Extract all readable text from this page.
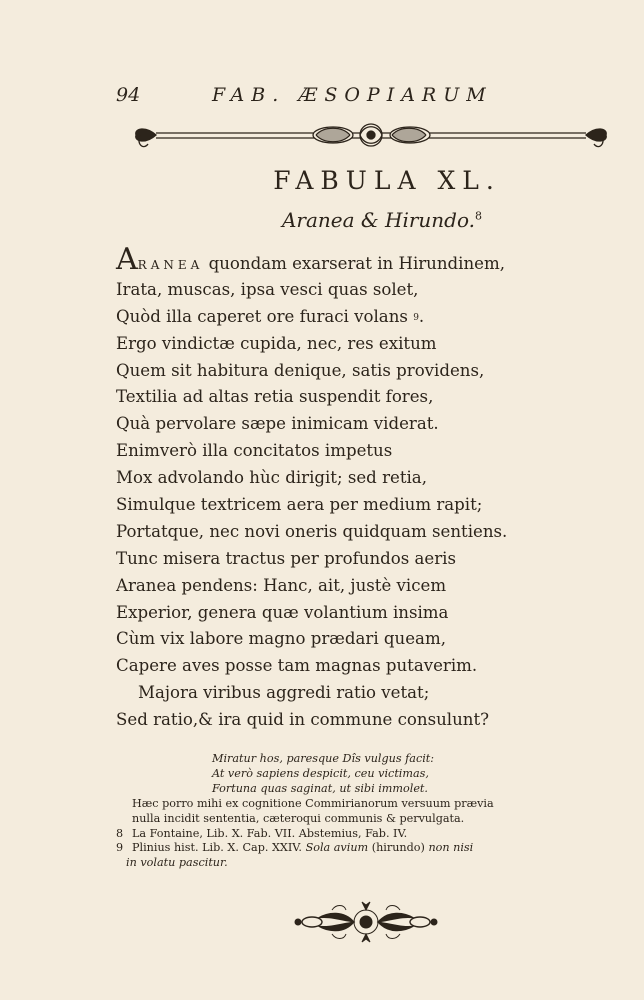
94	FAB. ÆSOPIARUM
FABULA XL.
Aranea & Hirundo.$^8$
ARANEA quondam exarserat in Hirundinem,
Irata, muscas, ipsa vesci quas solet,
Quòd illa caperet ore furaci volans 9.
Ergo vindictæ cupida, nec, res exitum
Quem sit habitura denique, satis providens,
Textilia ad altas retia suspendit fores,
Quà pervolare sæpe inimicam viderat.
Enimverò illa concitatos impetus
Mox advolando hùc dirigit; sed retia,
Simulque textricem aera per medium rapit;
Portatque, nec novi oneris quidquam sentiens.
Tunc misera tractus per profundos aeris
Aranea pendens: Hanc, ait, justè vicem
Experior, genera quæ volantium insima
Cùm vix labore magno prædari queam,
Capere aves posse tam magnas putaverim.
Majora viribus aggredi ratio vetat;
Sed ratio,& ira quid in commune consulunt?
Miratur hos, paresque Dîs vulgus facit:
At verò sapiens despicit, ceu victimas,
Fortuna quas saginat, ut sibi immolet.
Hæc porro mihi ex cognitione Commirianorum versuum prævia
nulla incidit sententia, cæteroqui communis & pervulgata.
8 La Fontaine, Lib. X. Fab. VII. Abstemius, Fab. IV.
9 Plinius hist. Lib. X. Cap. XXIV. Sola avium (hirundo) non nisi
in volatu pascitur.
